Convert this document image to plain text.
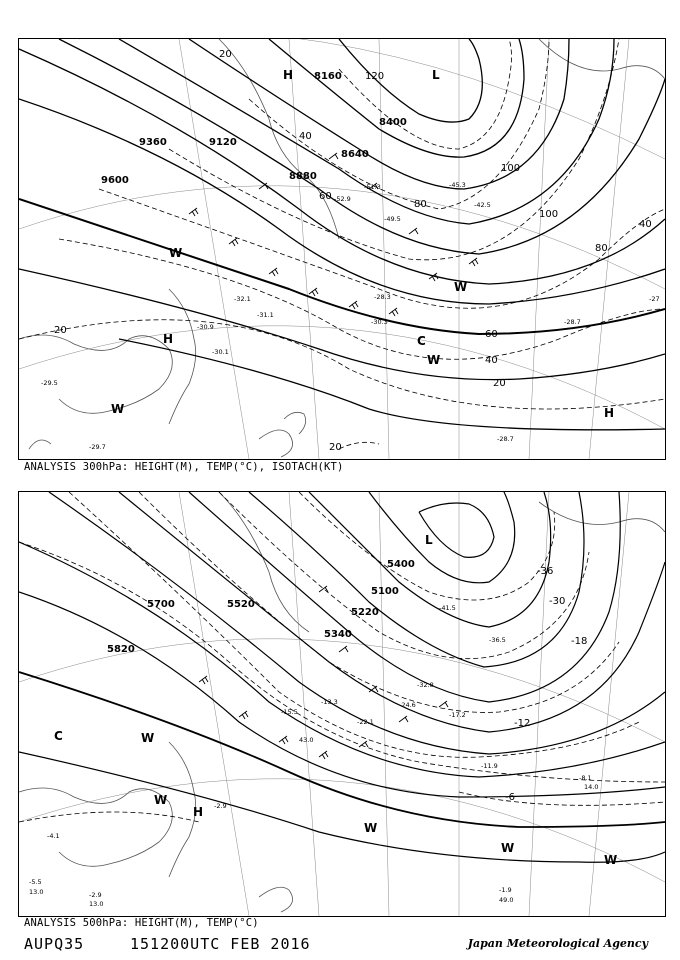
L
H
H
H
W
W
W
W
C
9600
9120
8880
8640
8400
9360
8160
20
40
60
80
100
120
20
20
20
40
60
80
100
40
-30.9
-28.7
-28.7
-30.1
-27
-30.3
-52.9
-51.3
-49.5
-45.3
-42.5
-32.1
-31.1
-28.3
-29.5
-29.7
ANALYSIS 300hPa: HEIGHT(M), TEMP(°C), ISOTACH(KT)
L
C	W
W
W
H
W
W
5700
5820
5400
5100
5220
5340
5520
-36
-30
-18
-12
-6
-4.1
-5.5
-2.9
-1.9
-8.1
-11.9
-17.2
-24.6
-32.8
-36.5
-41.5
-22.1
-15.5
-13.3
-2.9
43.0
14.0
49.0
13.0
13.0
ANALYSIS 500hPa: HEIGHT(M), TEMP(°C)
AUPQ35	151200UTC FEB 2016	Japan Meteorological Agency
